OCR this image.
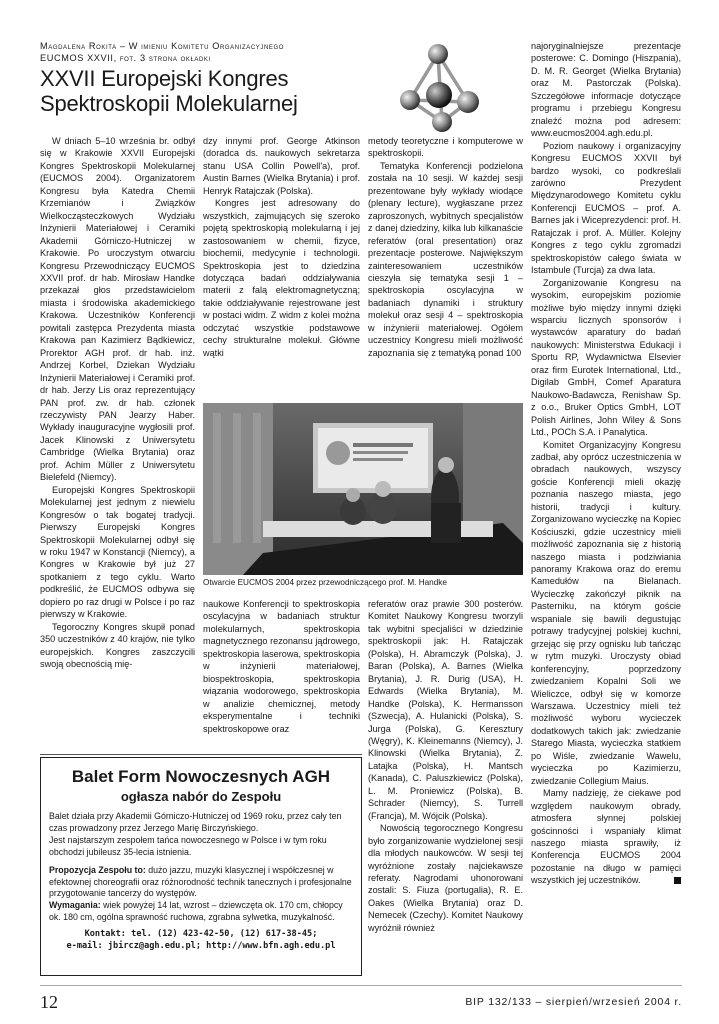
Magdalena Rokita – W imieniu Komitetu Organizacyjnego
EUCMOS XXVII, fot. 3 strona okładki
XXVII Europejski Kongres
Spektroskopii Molekularnej

W dniach 5–10 września br. odbył się w Krakowie XXVII Europejski Kongres Spektroskopii Molekularnej (EUCMOS 2004). Organizatorem Kongresu była Katedra Chemii Krzemianów i Związków Wielkocząsteczkowych Wydziału Inżynierii Materiałowej i Ceramiki Akademii Górniczo-Hutniczej w Krakowie. Po uroczystym otwarciu Kongresu Przewodniczący EUCMOS XXVII prof. dr hab. Mirosław Handke przekazał głos przedstawicielom miasta i środowiska akademickiego Krakowa. Uczestników Konferencji powitali zastępca Prezydenta miasta Krakowa pan Kazimierz Bądkiewicz, Prorektor AGH prof. dr hab. inż. Andrzej Korbel, Dziekan Wydziału Inżynierii Materiałowej i Ceramiki prof. dr hab. Jerzy Lis oraz reprezentujący PAN prof. zw. dr hab. członek rzeczywisty PAN Jearzy Haber. Wykłady inauguracyjne wygłosili prof. Jacek Klinowski z Uniwersytetu Cambridge (Wielka Brytania) oraz prof. Achim Müller z Uniwersytetu Bielefeld (Niemcy).

Europejski Kongres Spektroskopii Molekularnej jest jednym z niewielu Kongresów o tak bogatej tradycji. Pierwszy Europejski Kongres Spektroskopii Molekularnej odbył się w roku 1947 w Konstancji (Niemcy), a Kongres w Krakowie był już 27 spotkaniem z tego cyklu. Warto podkreślić, że EUCMOS odbywa się dopiero po raz drugi w Polsce i po raz pierwszy w Krakowie.

Tegoroczny Kongres skupił ponad 350 uczestników z 40 krajów, nie tylko europejskich. Kongres zaszczycili swoją obecnością mię-

dzy innymi prof. George Atkinson (doradca ds. naukowych sekretarza stanu USA Collin Powell'a), prof. Austin Barnes (Wielka Brytania) i prof. Henryk Ratajczak (Polska).

Kongres jest adresowany do wszystkich, zajmujących się szeroko pojętą spektroskopią molekularną i jej zastosowaniem w chemii, fizyce, biochemii, medycynie i technologii. Spektroskopia jest to dziedzina dotycząca badań oddziaływania materii z falą elektromagnetyczną; takie oddziaływanie rejestrowane jest w postaci widm. Z widm z kolei można odczytać wszystkie podstawowe cechy strukturalne molekuł. Główne wątki

metody teoretyczne i komputerowe w spektroskopii.

Tematyka Konferencji podzielona została na 10 sesji. W każdej sesji prezentowane były wykłady wiodące (plenary lecture), wygłaszane przez zaproszonych, wybitnych specjalistów z danej dziedziny, kilka lub kilkanaście referatów (oral presentation) oraz prezentacje posterowe. Największym zainteresowaniem uczestników cieszyła się tematyka sesji 1 – spektroskopia oscylacyjna w badaniach dynamiki i struktury molekuł oraz sesji 4 – spektroskopia w inżynierii materiałowej. Ogółem uczestnicy Kongresu mieli możliwość zapoznania się z tematyką ponad 100

Otwarcie EUCMOS 2004 przez przewodniczącego prof. M. Handke

naukowe Konferencji to spektroskopia oscylacyjna w badaniach struktur molekularnych, spektroskopia magnetycznego rezonansu jądrowego, spektroskopia laserowa, spektroskopia w inżynierii materiałowej, biospektroskopia, spektroskopia wiązania wodorowego, spektroskopia w analizie chemicznej, metody eksperymentalne i techniki spektroskopowe oraz

referatów oraz prawie 300 posterów. Komitet Naukowy Kongresu tworzyli tak wybitni specjaliści w dziedzinie spektroskopii jak: H. Ratajczak (Polska), H. Abramczyk (Polska), J. Baran (Polska), A. Barnes (Wielka Brytania), J. R. Durig (USA), H. Edwards (Wielka Brytania), M. Handke (Polska), K. Hermansson (Szwecja), A. Hulanicki (Polska), S. Jurga (Polska), G. Keresztury (Węgry), K. Kleinemanns (Niemcy), J. Klinowski (Wielka Brytania), Z. Latajka (Polska), H. Mantsch (Kanada), C. Paluszkiewicz (Polska), L. M. Proniewicz (Polska), B. Schrader (Niemcy), S. Turrell (Francja), M. Wójcik (Polska).

Nowością tegorocznego Kongresu było zorganizowanie wydzielonej sesji dla młodych naukowców. W sesji tej wyróżnione zostały najciekawsze referaty. Nagrodami uhonorowani zostali: S. Fiuza (portugalia), R. E. Oakes (Wielka Brytania) oraz D. Nemecek (Czechy). Komitet Naukowy wyróżnił również

najoryginalniejsze prezentacje posterowe: C. Domingo (Hiszpania), D. M. R. Georget (Wielka Brytania) oraz M. Pastorczak (Polska). Szczegółowe informacje dotyczące programu i przebiegu Kongresu znaleźć można pod adresem: www.eucmos2004.agh.edu.pl.

Poziom naukowy i organizacyjny Kongresu EUCMOS XXVII był bardzo wysoki, co podkreślali zarówno Prezydent Międzynarodowego Komitetu cyklu Konferencji EUCMOS – prof. A. Barnes jak i Wiceprezydenci: prof. H. Ratajczak i prof. A. Müller. Kolejny Kongres z tego cyklu zgromadzi spektroskopistów całego świata w Istambule (Turcja) za dwa lata.

Zorganizowanie Kongresu na wysokim, europejskim poziomie możliwe było między innymi dzięki wsparciu licznych sponsorów i wystawców aparatury do badań naukowych: Ministerstwa Edukacji i Sportu RP, Wydawnictwa Elsevier oraz firm Eurotek International, Ltd., Digilab GmbH, Comef Aparatura Naukowo-Badawcza, Renishaw Sp. z o.o., Bruker Optics GmbH, LOT Polish Airlines, John Wiley & Sons Ltd., POCh S.A. i Panalytica.

Komitet Organizacyjny Kongresu zadbał, aby oprócz uczestniczenia w obradach naukowych, wszyscy goście Konferencji mieli okazję poznania naszego miasta, jego historii, tradycji i kultury. Zorganizowano wycieczkę na Kopiec Kościuszki, gdzie uczestnicy mieli możliwość zapoznania się z historią naszego miasta i podziwiania panoramy Krakowa oraz do eremu Kamedułów na Bielanach. Wycieczkę zakończył piknik na Pasterniku, na którym goście wspaniale się bawili degustując potrawy tradycyjnej polskiej kuchni, grzejąc się przy ognisku lub tańcząc w rytm muzyki. Uroczysty obiad konferencyjny, poprzedzony zwiedzaniem Kopalni Soli we Wieliczce, odbył się w komorze Warszawa. Uczestnicy mieli też możliwość wyboru wycieczek dodatkowych takich jak: zwiedzanie Starego Miasta, wycieczka statkiem po Wiśle, zwiedzanie Wawelu, wycieczka po Kazimierzu, zwiedzanie Collegium Maius.

Mamy nadzieję, że ciekawe pod względem naukowym obrady, atmosfera słynnej polskiej gościnności i wspaniały klimat naszego miasta sprawiły, iż Konferencja EUCMOS 2004 pozostanie na długo w pamięci wszystkich jej uczestników.

Balet Form Nowoczesnych AGH
ogłasza nabór do Zespołu

Balet działa przy Akademii Górniczo-Hutniczej od 1969 roku, przez cały ten czas prowadzony przez Jerzego Marię Birczyńskiego.

Jest najstarszym zespołem tańca nowoczesnego w Polsce i w tym roku obchodzi jubileusz 35-lecia istnienia.

Propozycja Zespołu to: dużo jazzu, muzyki klasycznej i współczesnej w efektownej choreografii oraz różnorodność technik tanecznych i profesjonalne przygotowanie tancerzy do występów.

Wymagania: wiek powyżej 14 lat, wzrost – dziewczęta ok. 170 cm, chłopcy ok. 180 cm, ogólna sprawność ruchowa, zgrabna sylwetka, muzykalność.

Kontakt: tel. (12) 423-42-50, (12) 617-38-45;

e-mail: jbircz@agh.edu.pl; http://www.bfn.agh.edu.pl

12	BIP 132/133 – sierpień/wrzesień 2004 r.
